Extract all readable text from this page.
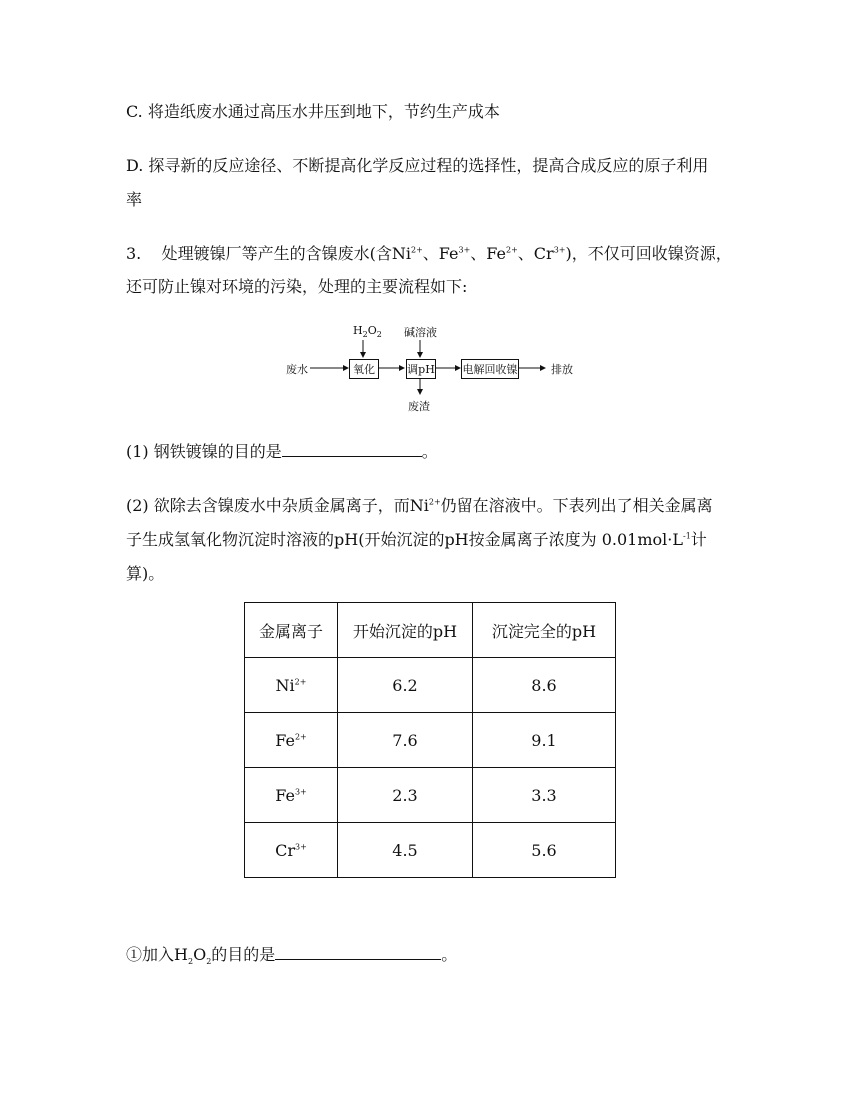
C. 将造纸废水通过高压水井压到地下，节约生产成本
D. 探寻新的反应途径、不断提高化学反应过程的选择性，提高合成反应的原子利用
率
3. 处理镀镍厂等产生的含镍废水(含$Ni^{2+}$、$Fe^{3+}$、$Fe^{2+}$、$Cr^{3+}$)，不仅可回收镍资源，
还可防止镍对环境的污染，处理的主要流程如下:
废水
$H_2O_2$ 碱溶液
氧化	调pH	电解回收镍	排放
废渣
(1) 钢铁镀镍的目的是	。
(2) 欲除去含镍废水中杂质金属离子，而$Ni^{2+}$仍留在溶液中。下表列出了相关金属离
子生成氢氧化物沉淀时溶液的pH(开始沉淀的pH按金属离子浓度为 $0.01mol\cdot L^{-1}$计
算)。
金属离子	开始沉淀的pH	沉淀完全的pH
$Ni^{2+}$	6.2	8.6
$Fe^{2+}$	7.6	9.1
$Fe^{3+}$	2.3	3.3
$Cr^{3+}$	4.5	5.6
①加入$H_2O_2$的目的是	。
